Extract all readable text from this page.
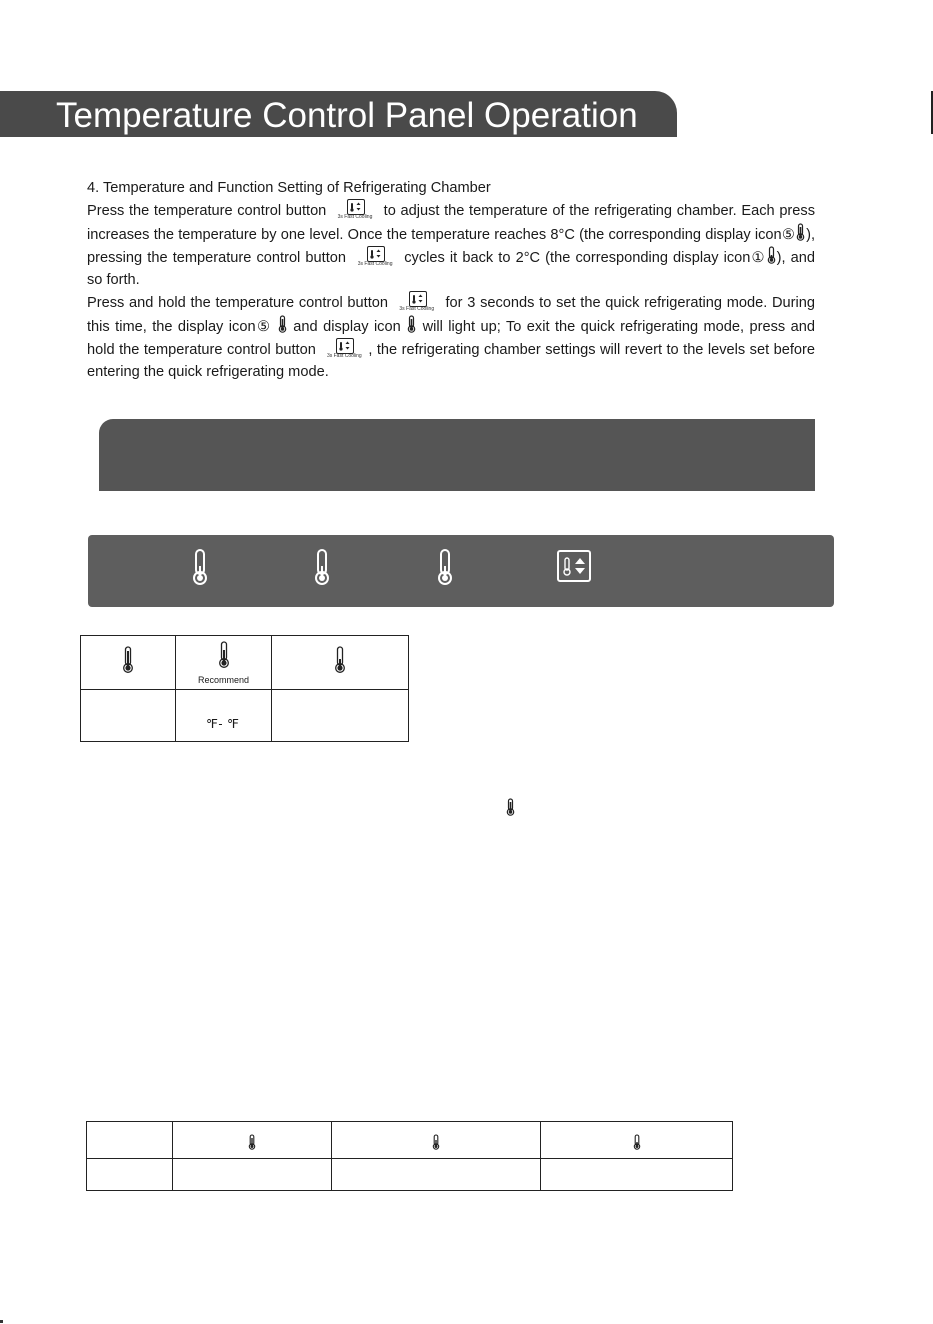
Temperature Control Panel Operation
4. Temperature and Function Setting of Refrigerating Chamber

Press the temperature control button	3s Fast Cooling to adjust the temperature of the refrigerating chamber. Each press increases the temperature by one level. Once the temperature reaches 8°C (the corresponding display icon⑤ ), pressing the temperature control button	3s Fast Cooling cycles it back to 2°C (the corresponding display icon① ), and so forth.

Press and hold the temperature control button	3s Fast Cooling for 3 seconds to set the quick refrigerating mode. During this time, the display icon⑤ and display icon will light up; To exit the quick refrigerating mode, press and hold the temperature control button	3s Fast Cooling , the refrigerating chamber settings will revert to the levels set before entering the quick refrigerating mode.

Recommend

	℉- ℉	
